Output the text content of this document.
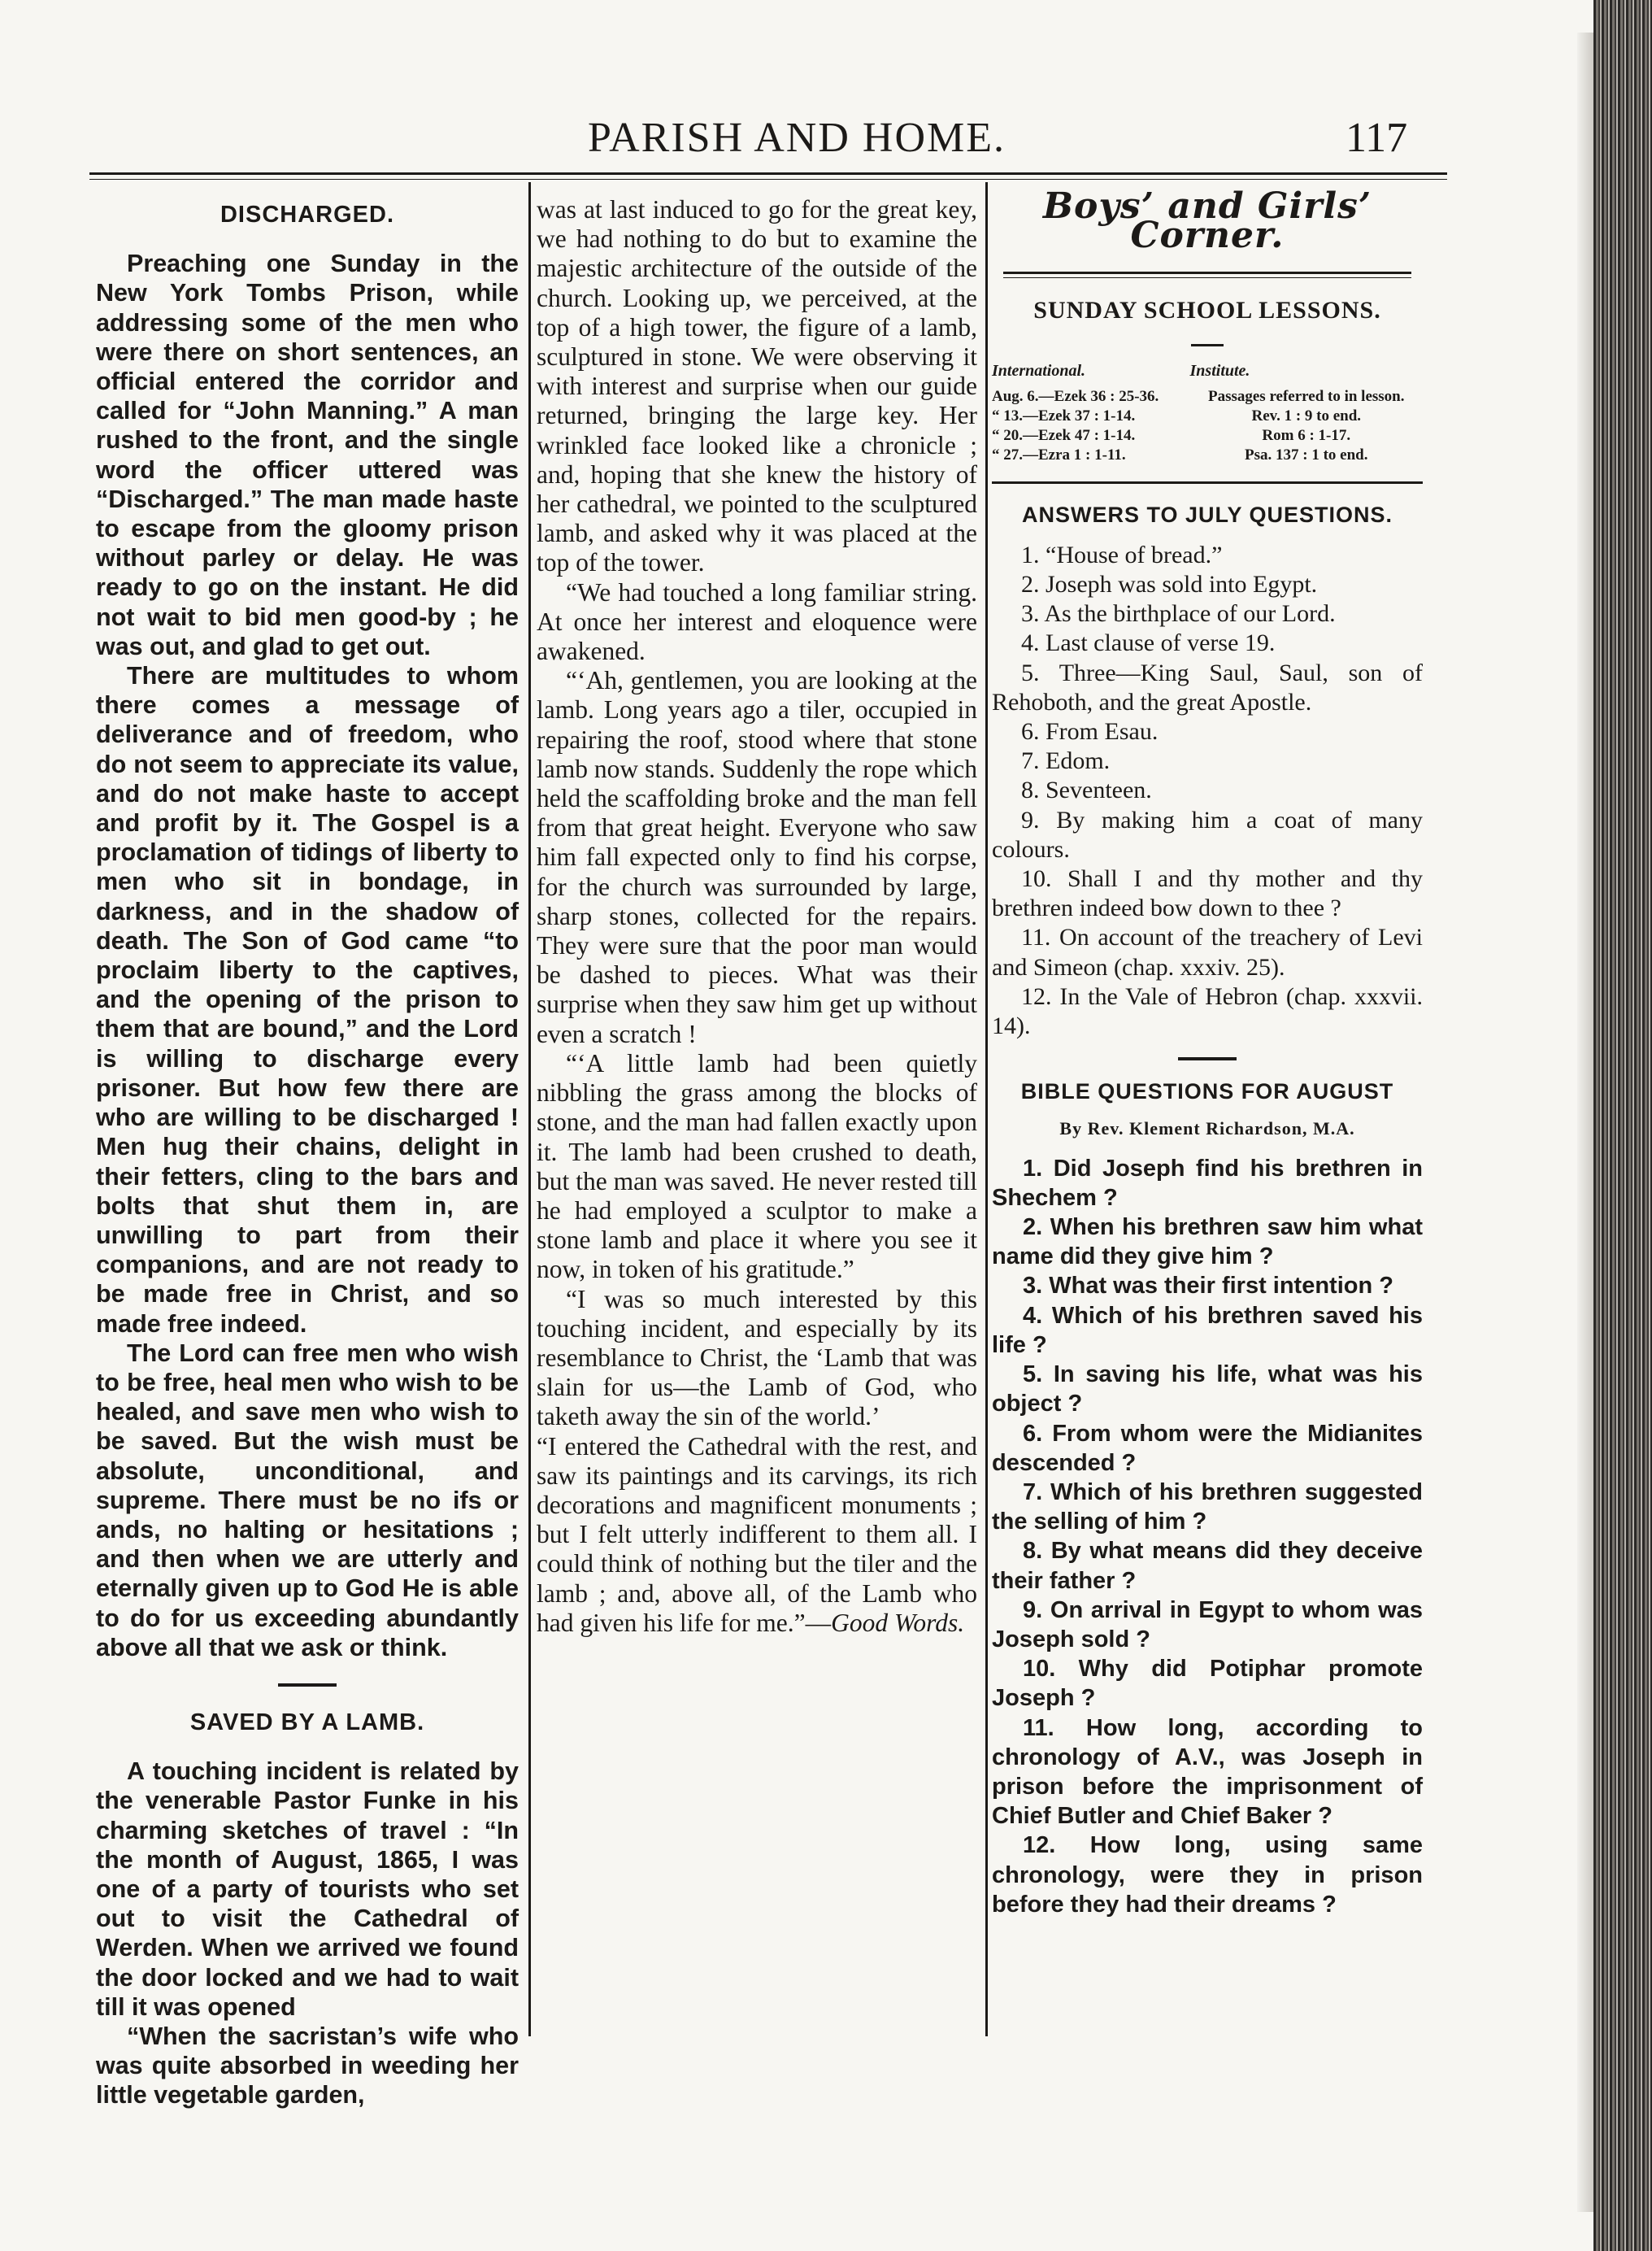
PARISH AND HOME.	117

DISCHARGED.

Preaching one Sunday in the New York Tombs Prison, while addressing some of the men who were there on short sentences, an official entered the corridor and called for “John Manning.” A man rushed to the front, and the single word the officer uttered was “Discharged.” The man made haste to escape from the gloomy prison without parley or delay. He was ready to go on the instant. He did not wait to bid men good-by ; he was out, and glad to get out.

There are multitudes to whom there comes a message of deliverance and of freedom, who do not seem to appreciate its value, and do not make haste to accept and profit by it. The Gospel is a proclamation of tidings of liberty to men who sit in bondage, in darkness, and in the shadow of death. The Son of God came “to proclaim liberty to the captives, and the opening of the prison to them that are bound,” and the Lord is willing to discharge every prisoner. But how few there are who are willing to be discharged ! Men hug their chains, delight in their fetters, cling to the bars and bolts that shut them in, are unwilling to part from their companions, and are not ready to be made free in Christ, and so made free indeed.

The Lord can free men who wish to be free, heal men who wish to be healed, and save men who wish to be saved. But the wish must be absolute, unconditional, and supreme. There must be no ifs or ands, no halting or hesitations ; and then when we are utterly and eternally given up to God He is able to do for us exceeding abundantly above all that we ask or think.

SAVED BY A LAMB.

A touching incident is related by the venerable Pastor Funke in his charming sketches of travel : “In the month of August, 1865, I was one of a party of tourists who set out to visit the Cathedral of Werden. When we arrived we found the door locked and we had to wait till it was opened

“When the sacristan’s wife who was quite absorbed in weeding her little vegetable garden,

was at last induced to go for the great key, we had nothing to do but to examine the majestic architecture of the outside of the church. Looking up, we perceived, at the top of a high tower, the figure of a lamb, sculptured in stone. We were observing it with interest and surprise when our guide returned, bringing the large key. Her wrinkled face looked like a chronicle ; and, hoping that she knew the history of her cathedral, we pointed to the sculptured lamb, and asked why it was placed at the top of the tower.

“We had touched a long familiar string. At once her interest and eloquence were awakened.

“‘Ah, gentlemen, you are looking at the lamb. Long years ago a tiler, occupied in repairing the roof, stood where that stone lamb now stands. Suddenly the rope which held the scaffolding broke and the man fell from that great height. Everyone who saw him fall expected only to find his corpse, for the church was surrounded by large, sharp stones, collected for the repairs. They were sure that the poor man would be dashed to pieces. What was their surprise when they saw him get up without even a scratch !

“‘A little lamb had been quietly nibbling the grass among the blocks of stone, and the man had fallen exactly upon it. The lamb had been crushed to death, but the man was saved. He never rested till he had employed a sculptor to make a stone lamb and place it where you see it now, in token of his gratitude.”

“I was so much interested by this touching incident, and especially by its resemblance to Christ, the ‘Lamb that was slain for us—the Lamb of God, who taketh away the sin of the world.’

“I entered the Cathedral with the rest, and saw its paintings and its carvings, its rich decorations and magnificent monuments ; but I felt utterly indifferent to them all. I could think of nothing but the tiler and the lamb ; and, above all, of the Lamb who had given his life for me.”—

Good Words.
Boys’ and Girls’ Corner.
SUNDAY SCHOOL LESSONS.
International.	Institute.
Aug. 6.—Ezek 36 : 25-36.	Passages referred to in lesson.
“ 13.—Ezek 37 : 1-14.	Rev. 1 : 9 to end.
“ 20.—Ezek 47 : 1-14.	Rom 6 : 1-17.
“ 27.—Ezra 1 : 1-11.	Psa. 137 : 1 to end.

ANSWERS TO JULY QUESTIONS.

1. “House of bread.”

2. Joseph was sold into Egypt.

3. As the birthplace of our Lord.

4. Last clause of verse 19.

5. Three—King Saul, Saul, son of Rehoboth, and the great Apostle.

6. From Esau.

7. Edom.

8. Seventeen.

9. By making him a coat of many colours.

10. Shall I and thy mother and thy brethren indeed bow down to thee ?

11. On account of the treachery of Levi and Simeon (chap. xxxiv. 25).

12. In the Vale of Hebron (chap. xxxvii. 14).

BIBLE QUESTIONS FOR AUGUST

By Rev. Klement Richardson, M.A.

1. Did Joseph find his brethren in Shechem ?

2. When his brethren saw him what name did they give him ?

3. What was their first intention ?

4. Which of his brethren saved his life ?

5. In saving his life, what was his object ?

6. From whom were the Midianites descended ?

7. Which of his brethren suggested the selling of him ?

8. By what means did they deceive their father ?

9. On arrival in Egypt to whom was Joseph sold ?

10. Why did Potiphar promote Joseph ?

11. How long, according to chronology of A.V., was Joseph in prison before the imprisonment of Chief Butler and Chief Baker ?

12. How long, using same chronology, were they in prison before they had their dreams ?
